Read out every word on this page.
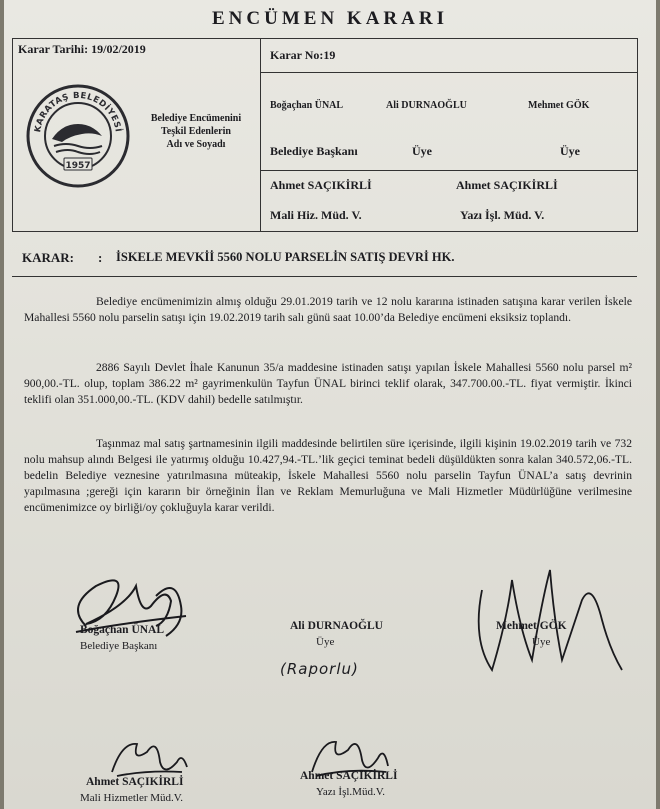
ENCÜMEN KARARI
Karar Tarihi: 19/02/2019	Karar No:19
KARATAŞ BELEDİYESİ
1957
Belediye Encümenini
Teşkil Edenlerin
Adı ve Soyadı
Boğaçhan ÜNAL	Ali DURNAOĞLU	Mehmet GÖK
Belediye Başkanı	Üye	Üye
Ahmet SAÇIKİRLİ	Ahmet SAÇIKİRLİ
Mali Hiz. Müd. V.	Yazı İşl. Müd. V.
KARAR: : İSKELE MEVKİİ 5560 NOLU PARSELİN SATIŞ DEVRİ HK.
Belediye encümenimizin almış olduğu 29.01.2019 tarih ve 12 nolu kararına istinaden satışına karar verilen İskele Mahallesi 5560 nolu parselin satışı için 19.02.2019 tarih salı günü saat 10.00’da Belediye encümeni eksiksiz toplandı.
2886 Sayılı Devlet İhale Kanunun 35/a maddesine istinaden satışı yapılan İskele Mahallesi 5560 nolu parsel m² 900,00.-TL. olup, toplam 386.22 m² gayrimenkulün Tayfun ÜNAL birinci teklif olarak, 347.700.00.-TL. fiyat vermiştir. İkinci teklifi olan 351.000,00.-TL. (KDV dahil) bedelle satılmıştır.
Taşınmaz mal satış şartnamesinin ilgili maddesinde belirtilen süre içerisinde, ilgili kişinin 19.02.2019 tarih ve 732 nolu mahsup alındı Belgesi ile yatırmış olduğu 10.427,94.-TL.’lik geçici teminat bedeli düşüldükten sonra kalan 340.572,06.-TL. bedelin Belediye veznesine yatırılmasına müteakip, İskele Mahallesi 5560 nolu parselin Tayfun ÜNAL’a satış devrinin yapılmasına ;gereği için kararın bir örneğinin İlan ve Reklam Memurluğuna ve Mali Hizmetler Müdürlüğüne verilmesine encümenimizce oy birliği/oy çokluğuyla karar verildi.
Boğaçhan ÜNAL
Belediye Başkanı
Ali DURNAOĞLU
Üye
(Raporlu)
Mehmet GÖK
Üye
Ahmet SAÇIKİRLİ
Mali Hizmetler Müd.V.
Ahmet SAÇIKİRLİ
Yazı İşl.Müd.V.
